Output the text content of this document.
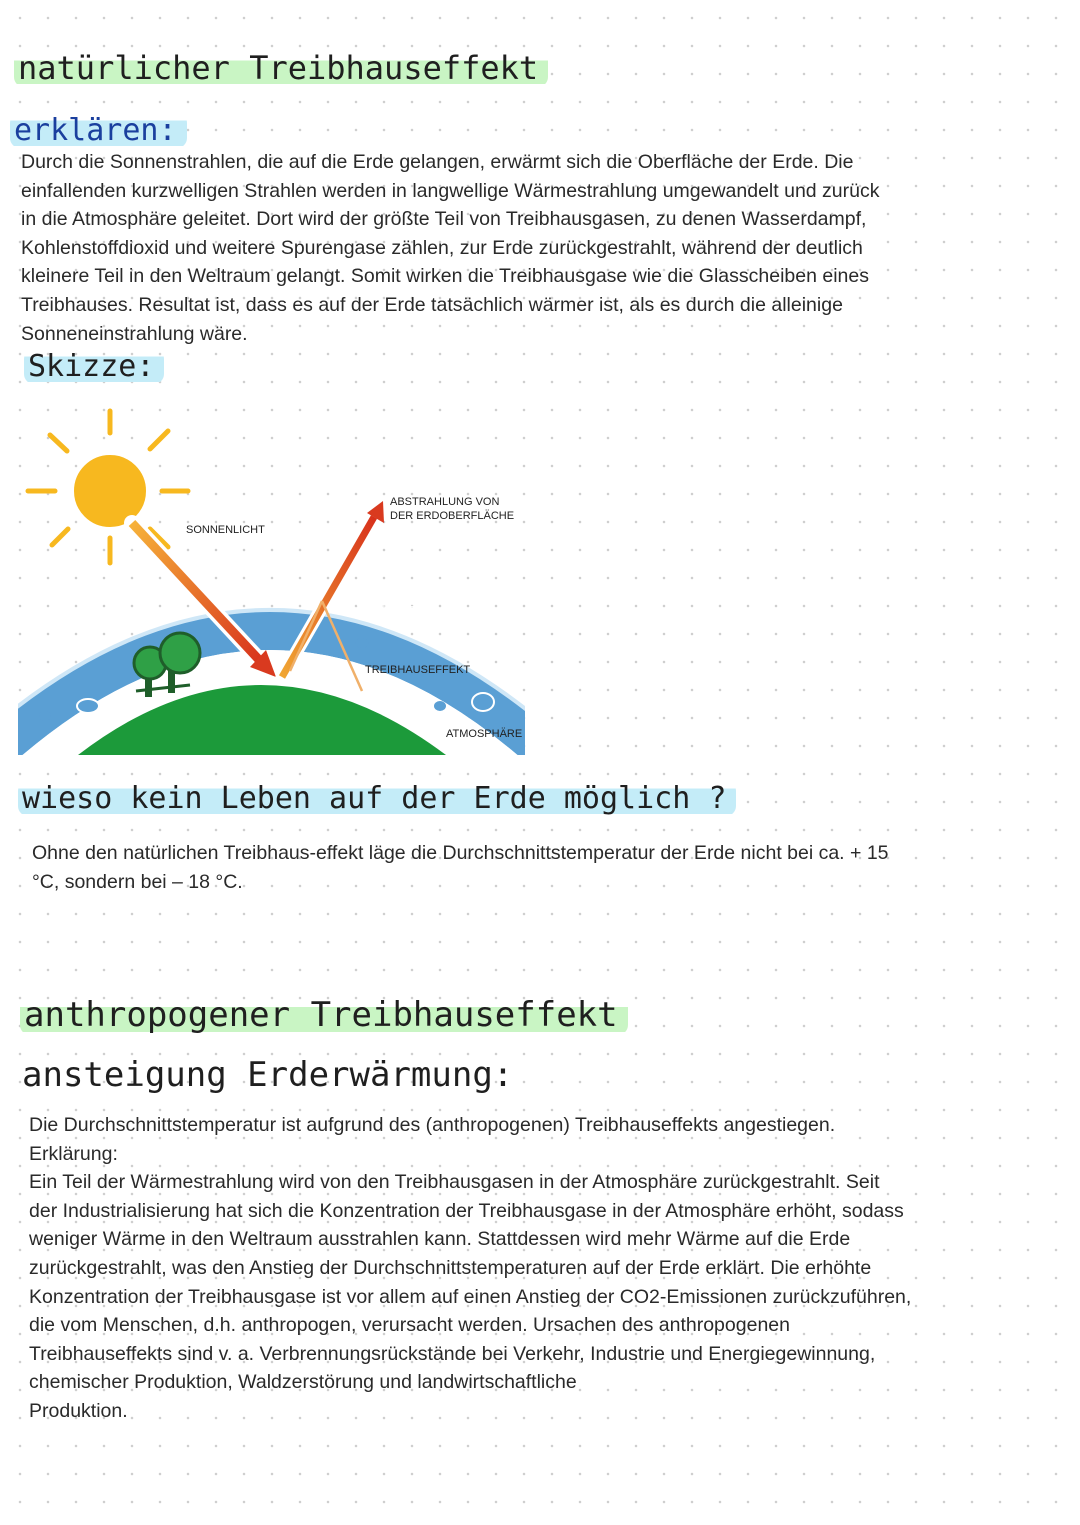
natürlicher Treibhauseffekt
erklären:
Durch die Sonnenstrahlen, die auf die Erde gelangen, erwärmt sich die Oberfläche der Erde. Die
einfallenden kurzwelligen Strahlen werden in langwellige Wärmestrahlung umgewandelt und zurück
in die Atmosphäre geleitet. Dort wird der größte Teil von Treibhausgasen, zu denen Wasserdampf,
Kohlenstoffdioxid und weitere Spurengase zählen, zur Erde zurückgestrahlt, während der deutlich
kleinere Teil in den Weltraum gelangt. Somit wirken die Treibhausgase wie die Glasscheiben eines
Treibhauses. Resultat ist, dass es auf der Erde tatsächlich wärmer ist, als es durch die alleinige
Sonneneinstrahlung wäre.
Skizze:
SONNENLICHT
ABSTRAHLUNG VON
DER ERDOBERFLÄCHE
TREIBHAUSGASE
TREIBHAUSEFFEKT
ATMOSPHÄRE
wieso kein Leben auf der Erde möglich ?
Ohne den natürlichen Treibhaus-effekt läge die Durchschnittstemperatur der Erde nicht bei ca. + 15
°C, sondern bei – 18 °C.
anthropogener Treibhauseffekt
ansteigung Erderwärmung:
Die Durchschnittstemperatur ist aufgrund des (anthropogenen) Treibhauseffekts angestiegen.
Erklärung:
Ein Teil der Wärmestrahlung wird von den Treibhausgasen in der Atmosphäre zurückgestrahlt. Seit
der Industrialisierung hat sich die Konzentration der Treibhausgase in der Atmosphäre erhöht, sodass
weniger Wärme in den Weltraum ausstrahlen kann. Stattdessen wird mehr Wärme auf die Erde
zurückgestrahlt, was den Anstieg der Durchschnittstemperaturen auf der Erde erklärt. Die erhöhte
Konzentration der Treibhausgase ist vor allem auf einen Anstieg der CO2-Emissionen zurückzuführen,
die vom Menschen, d.h. anthropogen, verursacht werden. Ursachen des anthropogenen
Treibhauseffekts sind v. a. Verbrennungsrückstände bei Verkehr, Industrie und Energiegewinnung,
chemischer Produktion, Waldzerstörung und landwirtschaftliche
Produktion.
